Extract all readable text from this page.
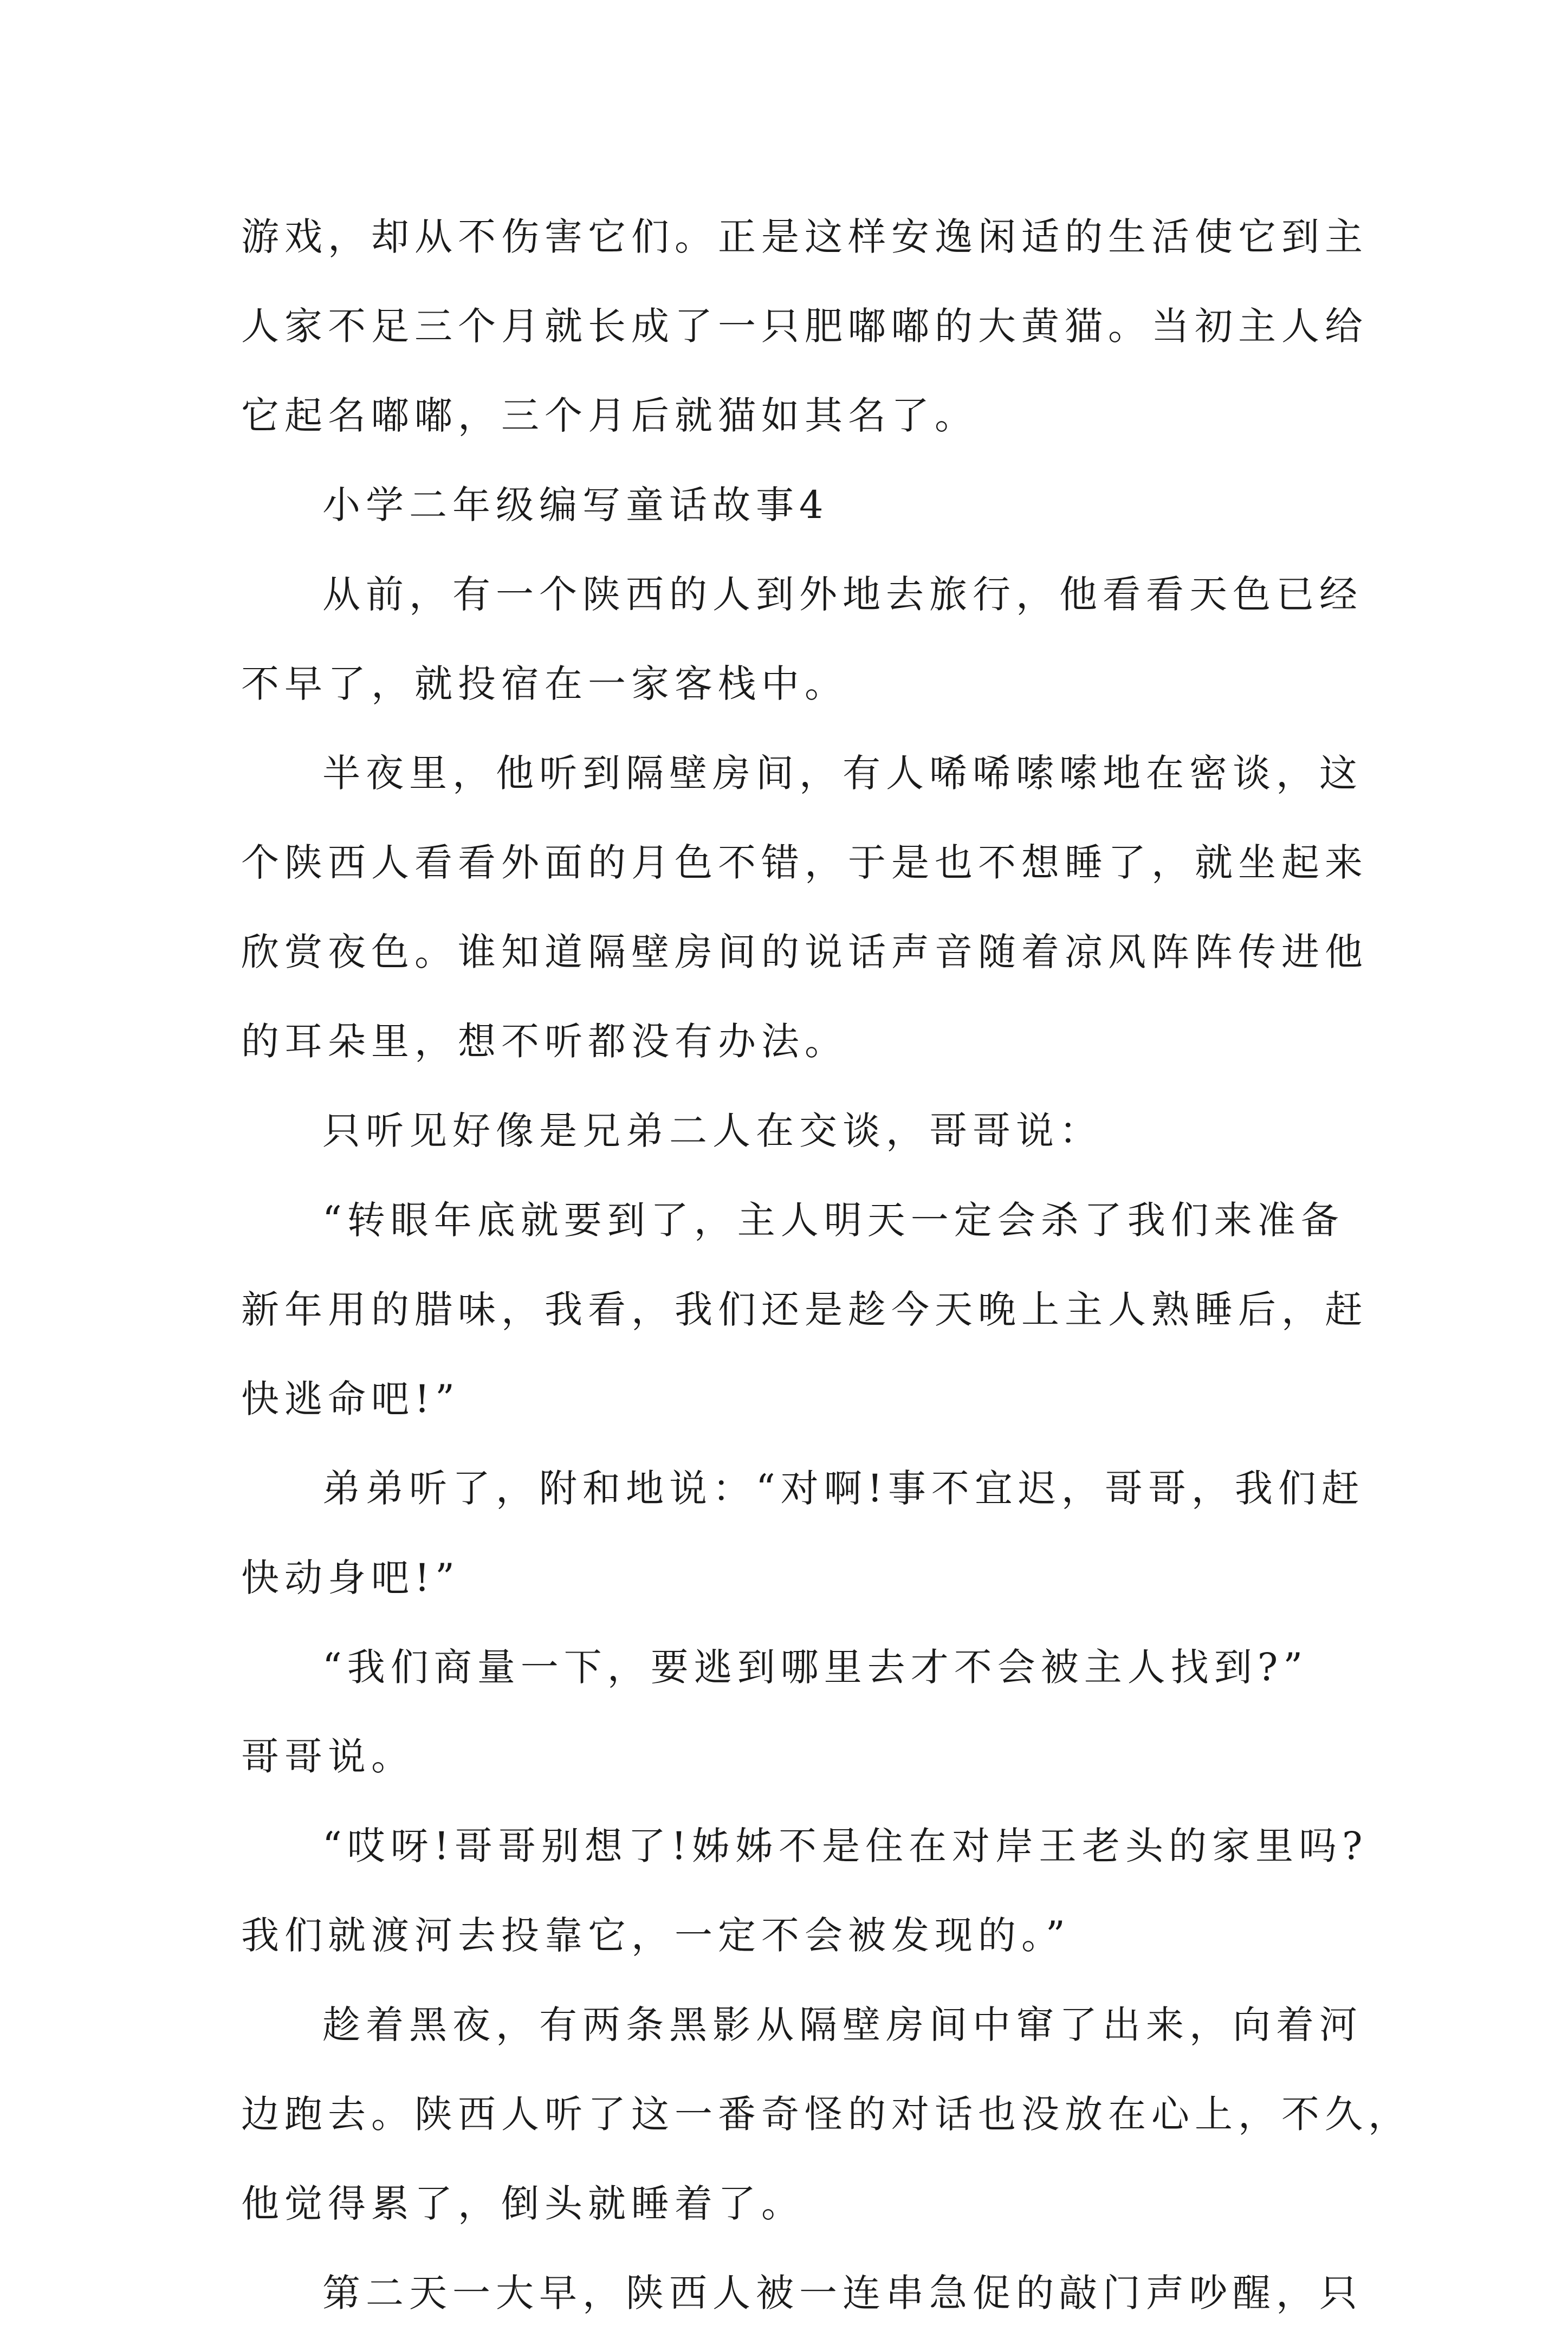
游戏，却从不伤害它们。正是这样安逸闲适的生活使它到主
人家不足三个月就长成了一只肥嘟嘟的大黄猫。当初主人给
它起名嘟嘟，三个月后就猫如其名了。
小学二年级编写童话故事4
从前，有一个陕西的人到外地去旅行，他看看天色已经
不早了，就投宿在一家客栈中。
半夜里，他听到隔壁房间，有人唏唏嗦嗦地在密谈，这
个陕西人看看外面的月色不错，于是也不想睡了，就坐起来
欣赏夜色。谁知道隔壁房间的说话声音随着凉风阵阵传进他
的耳朵里，想不听都没有办法。
只听见好像是兄弟二人在交谈，哥哥说：
“转眼年底就要到了，主人明天一定会杀了我们来准备
新年用的腊味，我看，我们还是趁今天晚上主人熟睡后，赶
快逃命吧!”
弟弟听了，附和地说：“对啊!事不宜迟，哥哥，我们赶
快动身吧!”
“我们商量一下，要逃到哪里去才不会被主人找到?”
哥哥说。
“哎呀!哥哥别想了!姊姊不是住在对岸王老头的家里吗?
我们就渡河去投靠它，一定不会被发现的。”
趁着黑夜，有两条黑影从隔壁房间中窜了出来，向着河
边跑去。陕西人听了这一番奇怪的对话也没放在心上，不久，
他觉得累了，倒头就睡着了。
第二天一大早，陕西人被一连串急促的敲门声吵醒，只
